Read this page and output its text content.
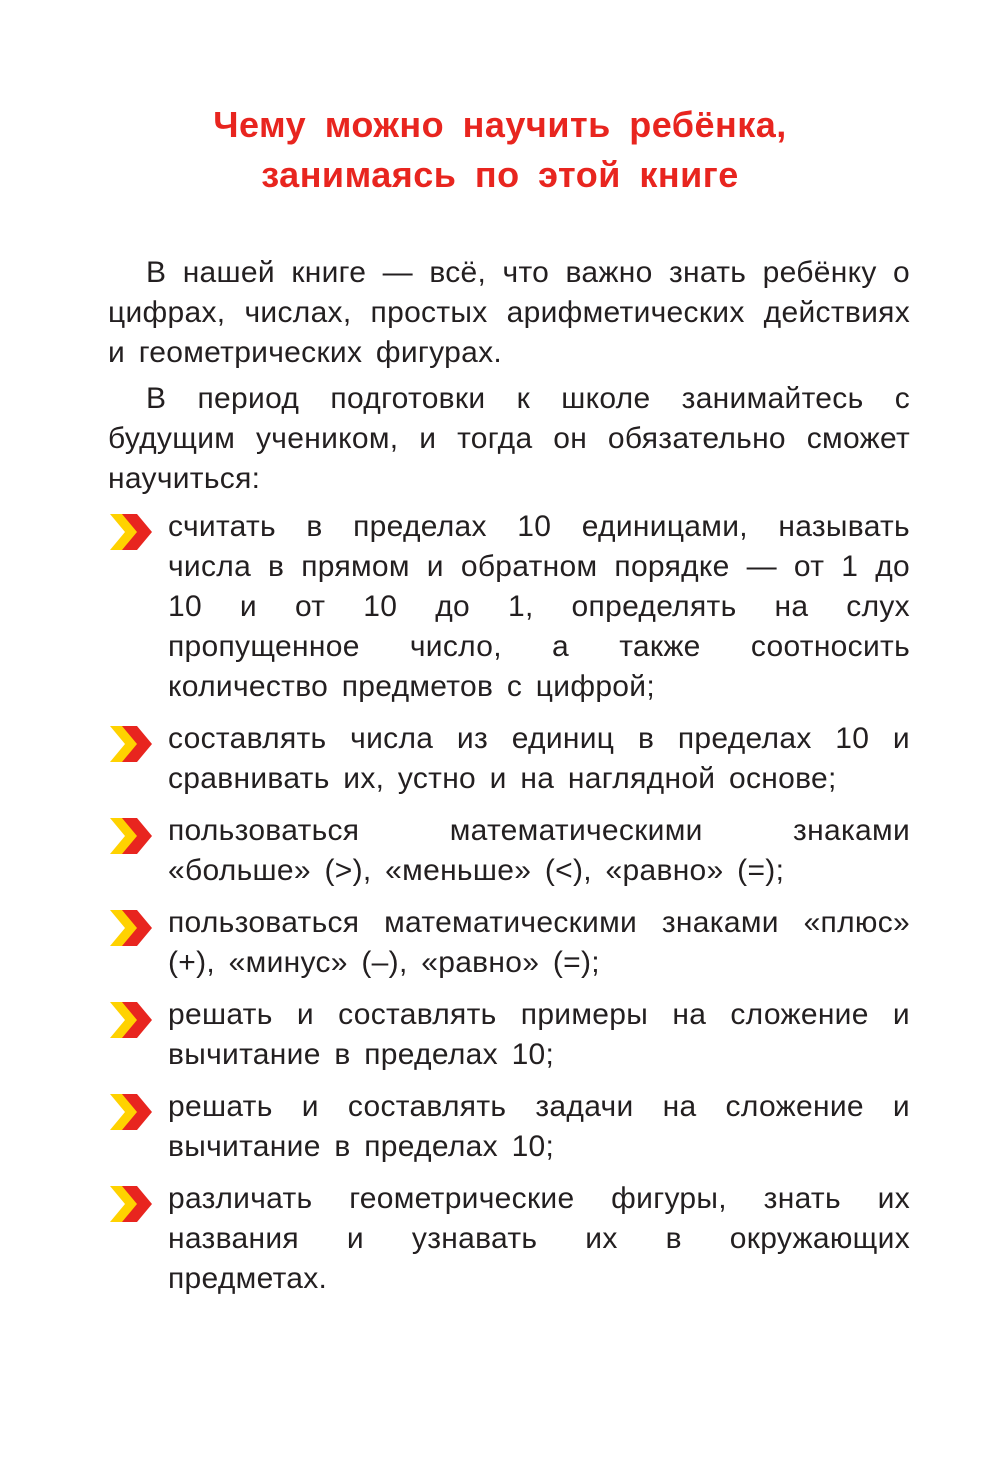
Чему можно научить ребёнка,
занимаясь по этой книге

В нашей книге — всё, что важно знать ребёнку о цифрах, числах, простых арифметических действиях и геометрических фигурах.

В период подготовки к школе занимайтесь с будущим учеником, и тогда он обязательно сможет научиться:

считать в пределах 10 единицами, называть числа в прямом и обратном порядке — от 1 до 10 и от 10 до 1, определять на слух пропущенное число, а также соотносить количество предметов с цифрой;
составлять числа из единиц в пределах 10 и сравнивать их, устно и на наглядной основе;
пользоваться математическими знаками «больше» (>), «меньше» (<), «равно» (=);
пользоваться математическими знаками «плюс» (+), «минус» (–), «равно» (=);
решать и составлять примеры на сложение и вычитание в пределах 10;
решать и составлять задачи на сложение и вычитание в пределах 10;
различать геометрические фигуры, знать их названия и узнавать их в окружающих предметах.
